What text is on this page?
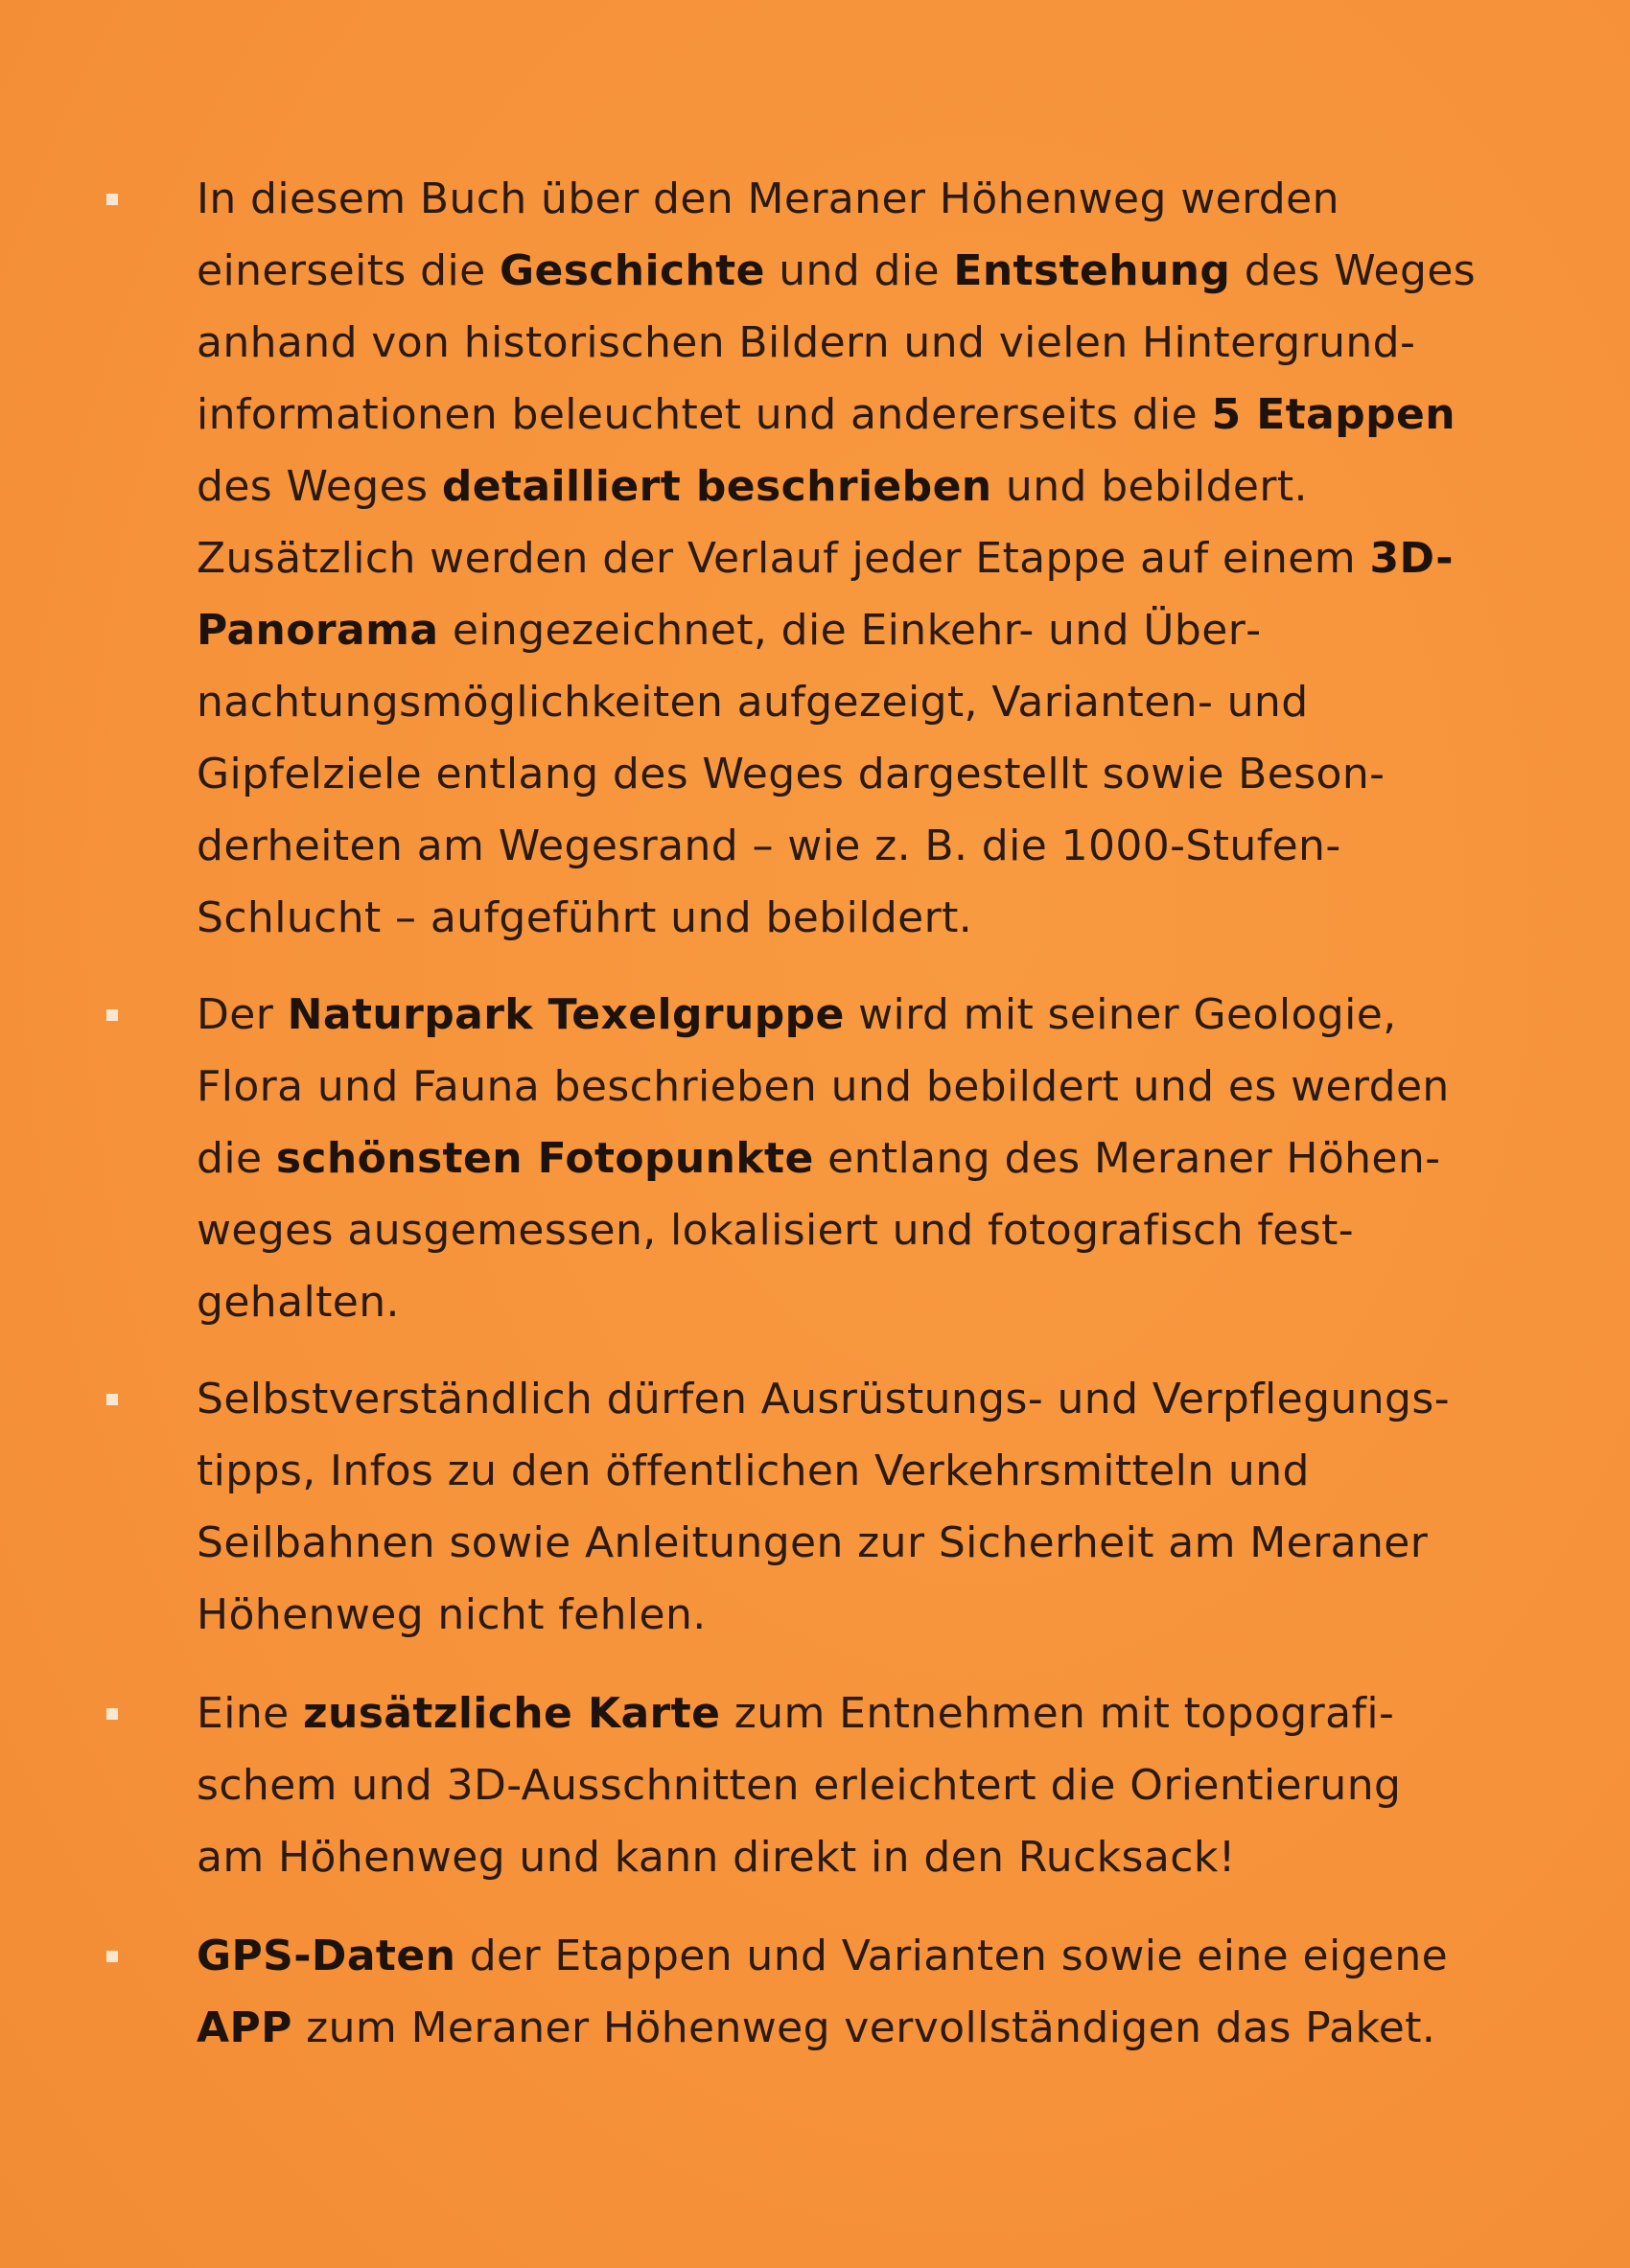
In diesem Buch über den Meraner Höhenweg werden einerseits die Geschichte und die Entstehung des Weges anhand von historischen Bildern und vielen Hintergrundinformationen beleuchtet und andererseits die 5 Etappen des Weges detailliert beschrieben und bebildert. Zusätzlich werden der Verlauf jeder Etappe auf einem 3D-Panorama eingezeichnet, die Einkehr- und Übernachtungsmöglichkeiten aufgezeigt, Varianten- und Gipfelziele entlang des Weges dargestellt sowie Besonderheiten am Wegesrand – wie z. B. die 1000-Stufen-Schlucht – aufgeführt und bebildert.
Der Naturpark Texelgruppe wird mit seiner Geologie, Flora und Fauna beschrieben und bebildert und es werden die schönsten Fotopunkte entlang des Meraner Höhenweges ausgemessen, lokalisiert und fotografisch festgehalten.
Selbstverständlich dürfen Ausrüstungs- und Verpflegungstipps, Infos zu den öffentlichen Verkehrsmitteln und Seilbahnen sowie Anleitungen zur Sicherheit am Meraner Höhenweg nicht fehlen.
Eine zusätzliche Karte zum Entnehmen mit topografischem und 3D-Ausschnitten erleichtert die Orientierung am Höhenweg und kann direkt in den Rucksack!
GPS-Daten der Etappen und Varianten sowie eine eigene APP zum Meraner Höhenweg vervollständigen das Paket.
